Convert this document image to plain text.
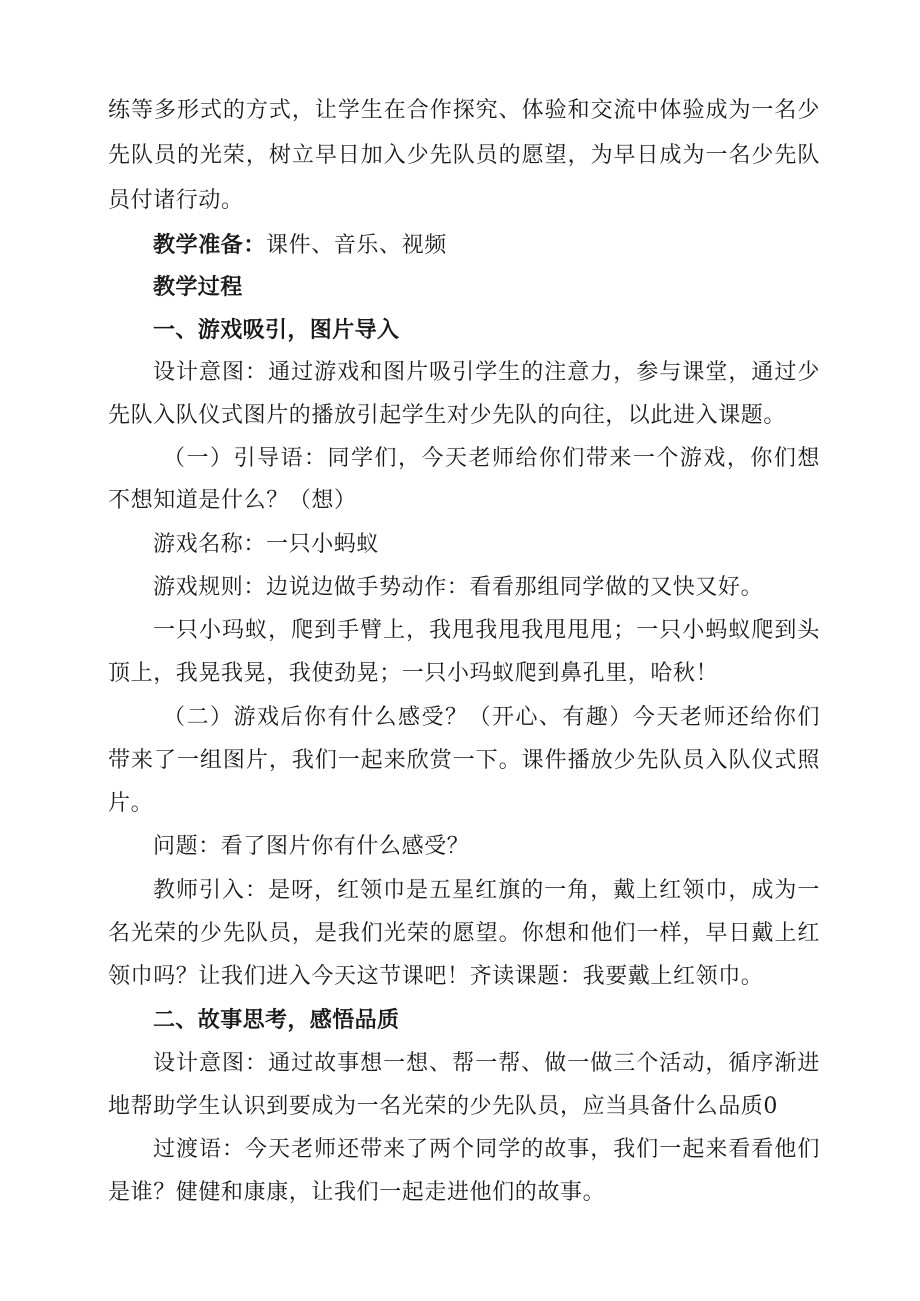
练等多形式的方式，让学生在合作探究、体验和交流中体验成为一名少
先队员的光荣，树立早日加入少先队员的愿望，为早日成为一名少先队
员付诸行动。
教学准备：课件、音乐、视频
教学过程
一、游戏吸引，图片导入
设计意图：通过游戏和图片吸引学生的注意力，参与课堂，通过少
先队入队仪式图片的播放引起学生对少先队的向往，以此进入课题。
（一）引导语：同学们，今天老师给你们带来一个游戏，你们想
不想知道是什么？（想）
游戏名称：一只小蚂蚁
游戏规则：边说边做手势动作：看看那组同学做的又快又好。
一只小玛蚁，爬到手臂上，我甩我甩我甩甩甩；一只小蚂蚁爬到头
顶上，我晃我晃，我使劲晃；一只小玛蚁爬到鼻孔里，哈秋！
（二）游戏后你有什么感受？（开心、有趣）今天老师还给你们
带来了一组图片，我们一起来欣赏一下。课件播放少先队员入队仪式照
片。
问题：看了图片你有什么感受？
教师引入：是呀，红领巾是五星红旗的一角，戴上红领巾，成为一
名光荣的少先队员，是我们光荣的愿望。你想和他们一样，早日戴上红
领巾吗？让我们进入今天这节课吧！齐读课题：我要戴上红领巾。
二、故事思考，感悟品质
设计意图：通过故事想一想、帮一帮、做一做三个活动，循序渐进
地帮助学生认识到要成为一名光荣的少先队员，应当具备什么品质0
过渡语：今天老师还带来了两个同学的故事，我们一起来看看他们
是谁？健健和康康，让我们一起走进他们的故事。
